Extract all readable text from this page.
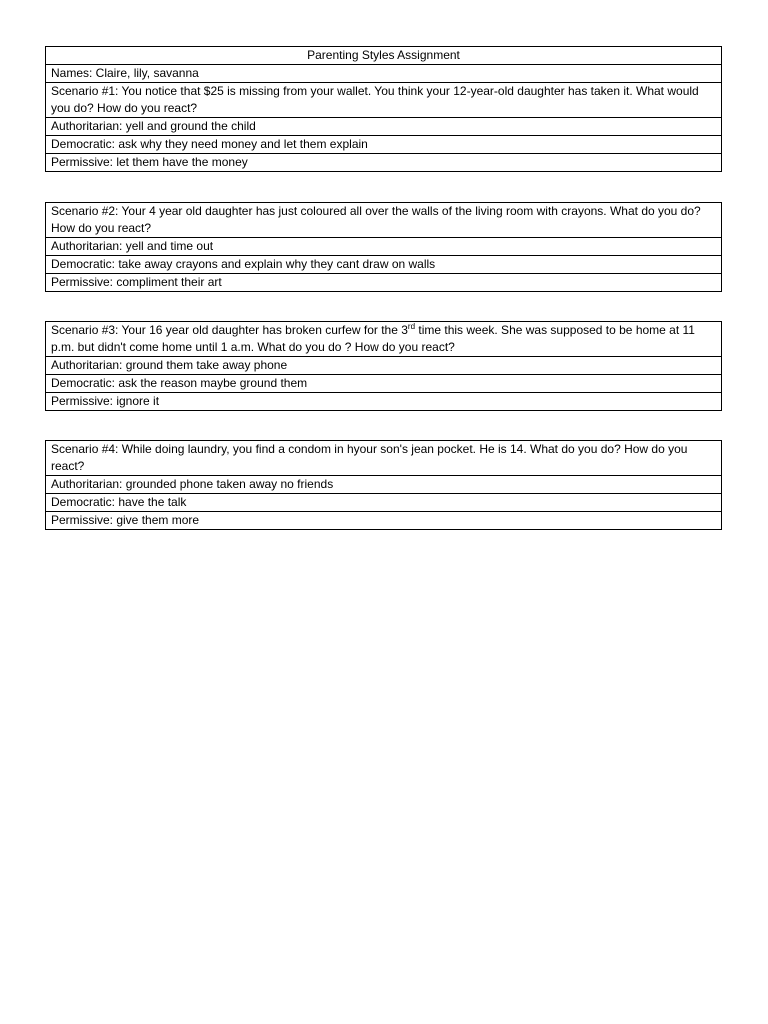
Parenting Styles Assignment
Names: Claire, lily, savanna
Scenario #1: You notice that $25 is missing from your wallet. You think your 12-year-old daughter has taken it. What would you do? How do you react?
Authoritarian: yell and ground the child
Democratic: ask why they need money and let them explain
Permissive: let them have the money
Scenario #2: Your 4 year old daughter has just coloured all over the walls of the living room with crayons. What do you do? How do you react?
Authoritarian: yell and time out
Democratic: take away crayons and explain why they cant draw on walls
Permissive: compliment their art
Scenario #3: Your 16 year old daughter has broken curfew for the 3rd time this week. She was supposed to be home at 11 p.m. but didn't come home until 1 a.m. What do you do ? How do you react?
Authoritarian: ground them take away phone
Democratic: ask the reason maybe ground them
Permissive: ignore it
Scenario #4: While doing laundry, you find a condom in hyour son's jean pocket. He is 14. What do you do? How do you react?
Authoritarian: grounded phone taken away no friends
Democratic: have the talk
Permissive: give them more
